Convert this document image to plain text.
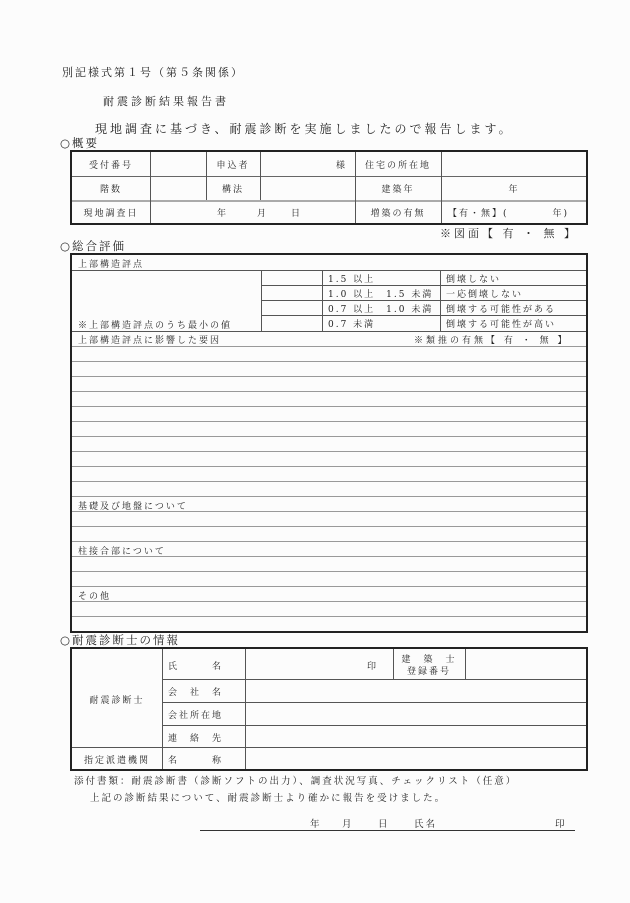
別記様式第１号（第５条関係）
耐震診断結果報告書
現地調査に基づき、耐震診断を実施しましたので報告します。
○概要
受付番号	申込者	様	住宅の所在地
階数	構法	建築年	年
現地調査日	年	月	日	増築の有無	【有・無】(　　　　年)
※図面【 有 ・ 無 】
○総合評価
上部構造評点
※上部構造評点のうち最小の値
1.5 以上	倒壊しない
1.0 以上　1.5 未満 一応倒壊しない
0.7 以上　1.0 未満 倒壊する可能性がある
0.7 未満	倒壊する可能性が高い
上部構造評点に影響した要因	※類推の有無【 有 ・ 無 】
基礎及び地盤について
柱接合部について
その他
○耐震診断士の情報
耐震診断士
氏　　　名	印
建　築　士
登録番号
会　社　名
会社所在地
連　絡　先
指定派遣機関	名　　　称
添付書類：耐震診断書（診断ソフトの出力）、調査状況写真、チェックリスト（任意）
上記の診断結果について、耐震診断士より確かに報告を受けました。
年 月	日	氏名	印
